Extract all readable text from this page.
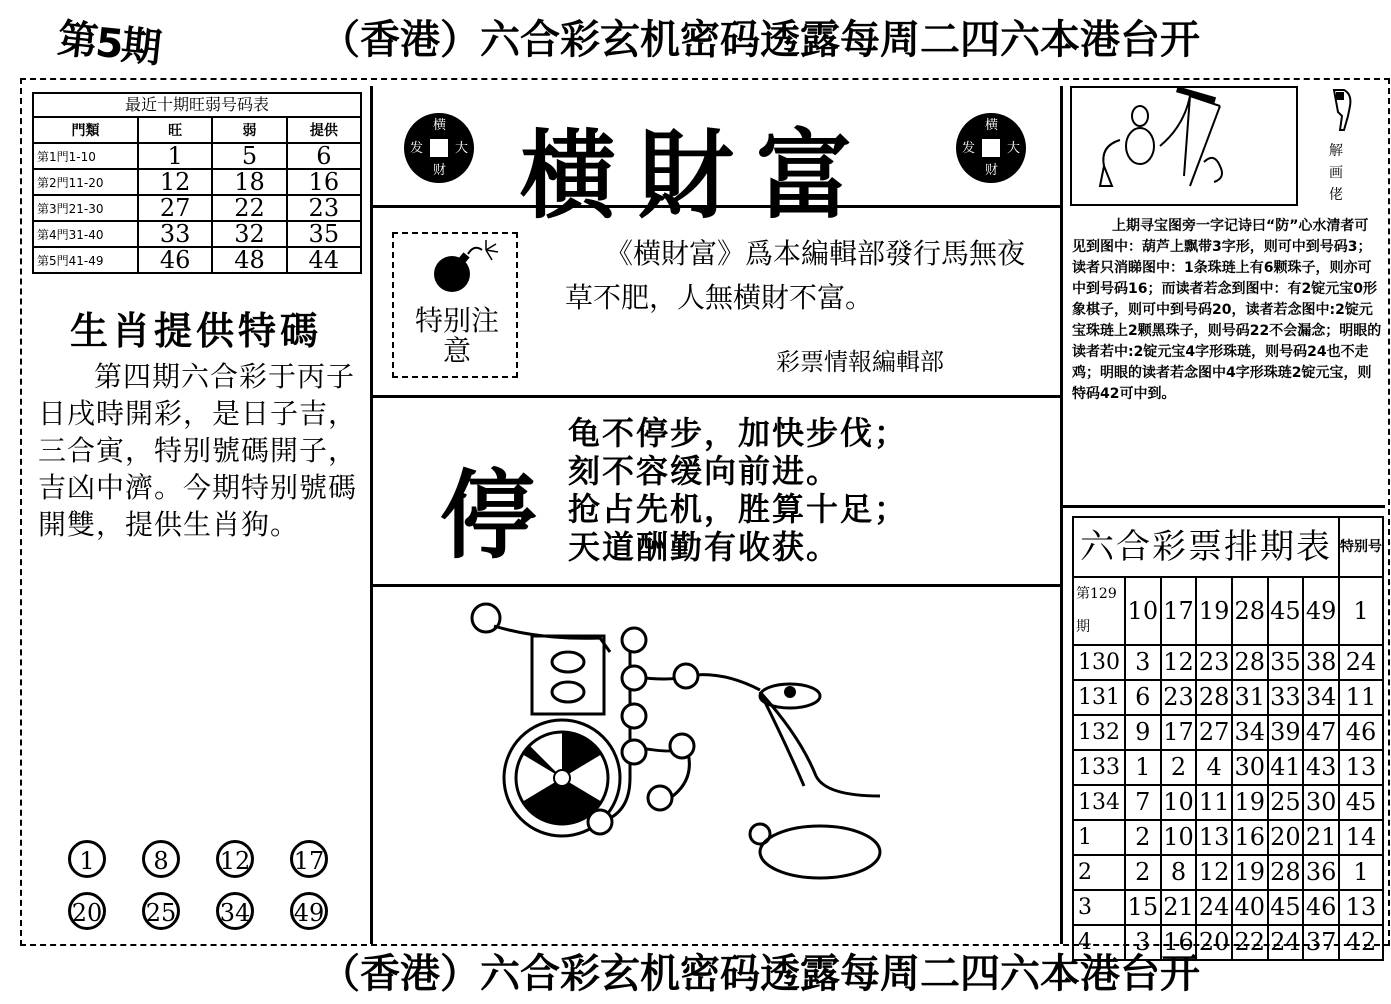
第5期	（香港）六合彩玄机密码透露每周二四六本港台开
最近十期旺弱号码表
門類	旺	弱	提供
第1門1-10	1	5	6
第2門11-20	12	18	16
第3門21-30	27	22	23
第4門31-40	33	32	35
第5門41-49	46	48	44
生肖提供特碼
第四期六合彩于丙子日戌時開彩，是日子吉，三合寅，特别號碼開子，吉凶中濟。今期特别號碼開雙，提供生肖狗。
1	8	12 17
20 25 34 49
横
大
财
发 横財富	横
大
财
发
特别注意
《横財富》爲本編輯部發行馬無夜草不肥，人無横財不富。
彩票情報編輯部
停
龟不停步，加快步伐；
刻不容缓向前进。
抢占先机，胜算十足；
天道酬勤有收获。
解画佬
上期寻宝图旁一字记诗曰“防”心水清者可见到图中：葫芦上飘带3字形，则可中到号码3；读者只消睇图中：1条珠琏上有6颗珠子，则亦可中到号码16；而读者若念到图中：有2锭元宝0形象棋子，则可中到号码20，读者若念图中:2锭元宝珠琏上2颗黑珠子，则号码22不会漏念；明眼的读者若中:2锭元宝4字形珠琏，则号码24也不走鸡；明眼的读者若念图中4字形珠琏2锭元宝，则特码42可中到。
六合彩票排期表							特别号
第129期	10	17	19	28	45	49	1
130	3	12	23	28	35	38	24
131	6	23	28	31	33	34	11
132	9	17	27	34	39	47	46
133	1	2	4	30	41	43	13
134	7	10	11	19	25	30	45
1	2	10	13	16	20	21	14
2	2	8	12	19	28	36	1
3	15	21	24	40	45	46	13
4	3	16	20	22	24	37	42
（香港）六合彩玄机密码透露每周二四六本港台开
